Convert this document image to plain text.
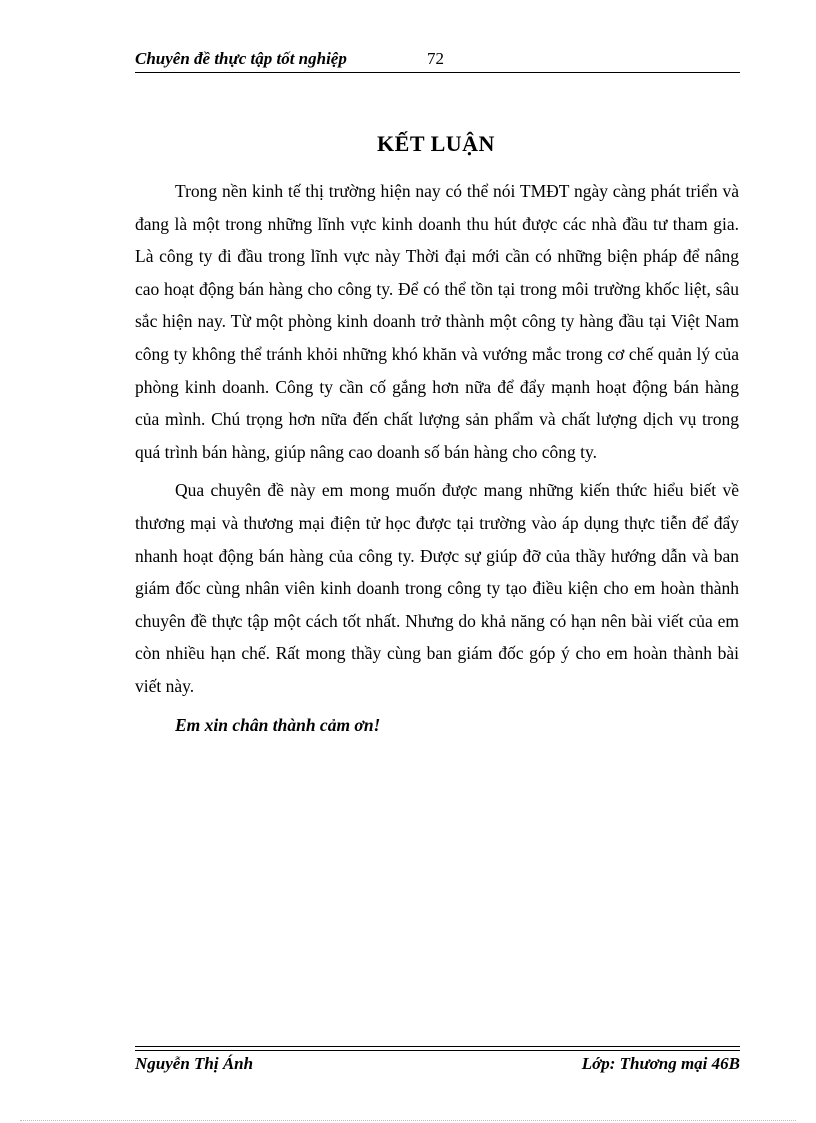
Chuyên đề thực tập tốt nghiệp	72
KẾT LUẬN

Trong nền kinh tế thị trường hiện nay có thể nói TMĐT ngày càng phát triển và đang là một trong những lĩnh vực kinh doanh thu hút được các nhà đầu tư tham gia. Là công ty đi đầu trong lĩnh vực này Thời đại mới cần có những biện pháp để nâng cao hoạt động bán hàng cho công ty. Để có thể tồn tại trong môi trường khốc liệt, sâu sắc hiện nay. Từ một phòng kinh doanh trở thành một công ty hàng đầu tại Việt Nam công ty không thể tránh khỏi những khó khăn và vướng mắc trong cơ chế quản lý của phòng kinh doanh. Công ty cần cố gắng hơn nữa để đẩy mạnh hoạt động bán hàng của mình. Chú trọng hơn nữa đến chất lượng sản phẩm và chất lượng dịch vụ trong quá trình bán hàng, giúp nâng cao doanh số bán hàng cho công ty.

Qua chuyên đề này em mong muốn được mang những kiến thức hiểu biết về thương mại và thương mại điện tử học được tại trường vào áp dụng thực tiễn để đẩy nhanh hoạt động bán hàng của công ty. Được sự giúp đỡ của thầy hướng dẫn và ban giám đốc cùng nhân viên kinh doanh trong công ty tạo điều kiện cho em hoàn thành chuyên đề thực tập một cách tốt nhất. Nhưng do khả năng có hạn nên bài viết của em còn nhiều hạn chế. Rất mong thầy cùng ban giám đốc góp ý cho em hoàn thành bài viết này.

Em xin chân thành cảm ơn!

Nguyễn Thị Ánh	Lớp: Thương mại 46B
